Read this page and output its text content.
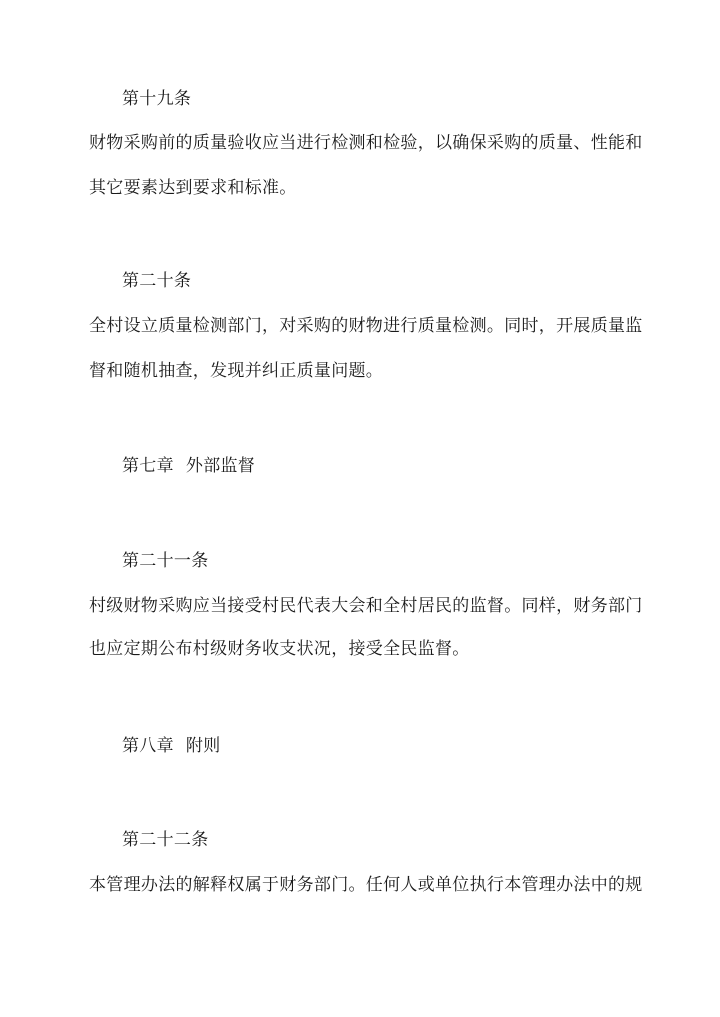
第十九条
财物采购前的质量验收应当进行检测和检验，以确保采购的质量、性能和
其它要素达到要求和标准。
第二十条
全村设立质量检测部门，对采购的财物进行质量检测。同时，开展质量监
督和随机抽查，发现并纠正质量问题。
第七章 外部监督
第二十一条
村级财物采购应当接受村民代表大会和全村居民的监督。同样，财务部门
也应定期公布村级财务收支状况，接受全民监督。
第八章 附则
第二十二条
本管理办法的解释权属于财务部门。任何人或单位执行本管理办法中的规
